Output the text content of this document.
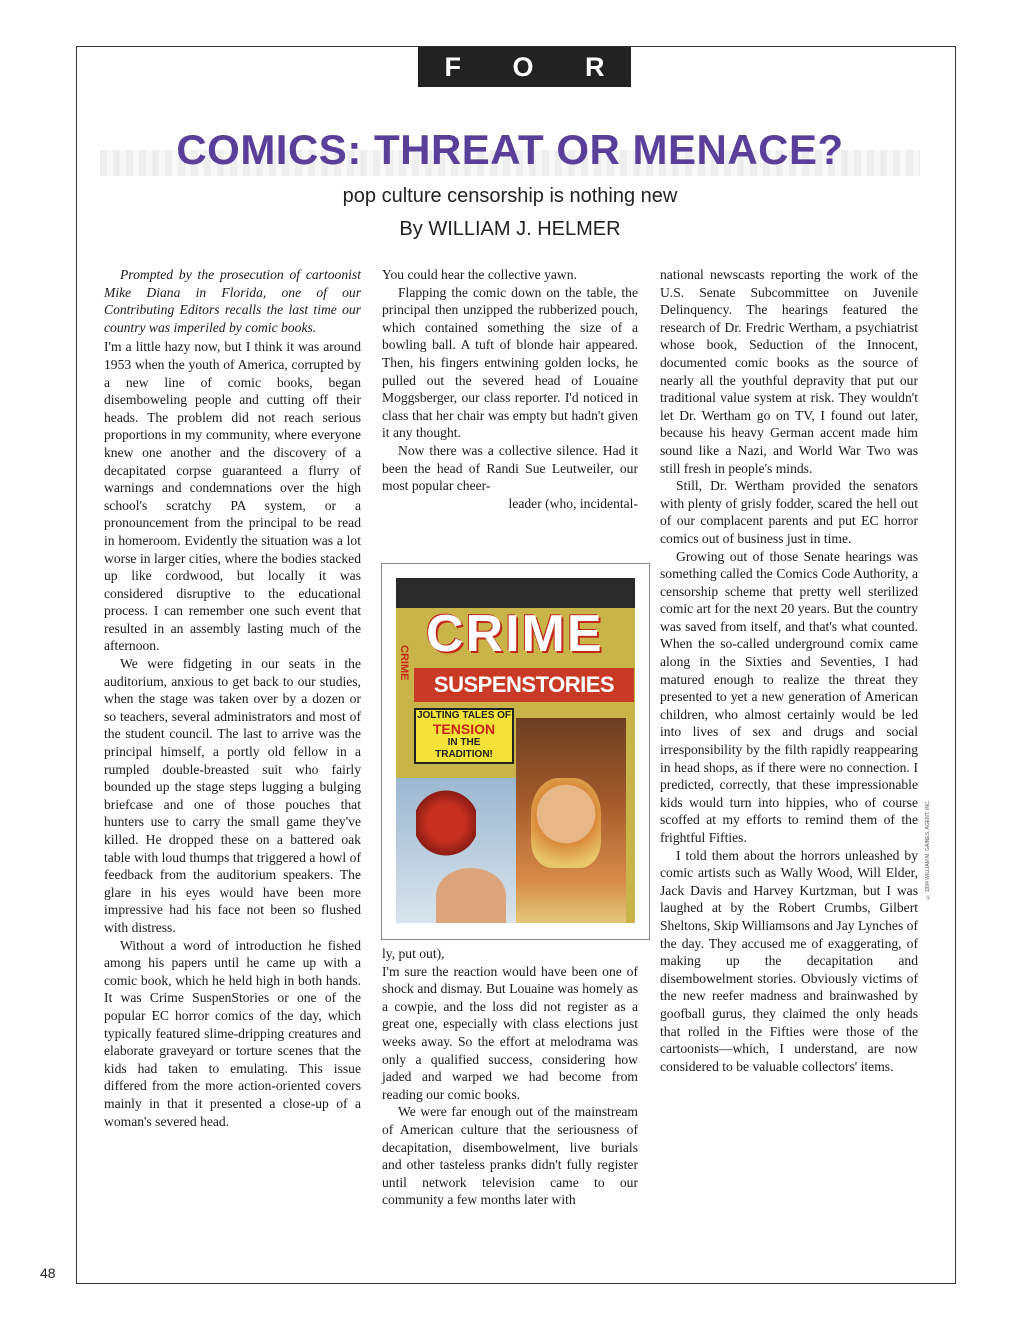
F O R U M
COMICS: THREAT OR MENACE?
pop culture censorship is nothing new
By WILLIAM J. HELMER

Prompted by the prosecution of cartoonist Mike Diana in Florida, one of our Contributing Editors recalls the last time our country was imperiled by comic books.

I'm a little hazy now, but I think it was around 1953 when the youth of America, corrupted by a new line of comic books, began disemboweling people and cutting off their heads. The problem did not reach serious proportions in my community, where everyone knew one another and the discovery of a decapitated corpse guaranteed a flurry of warnings and condemnations over the high school's scratchy PA system, or a pronouncement from the principal to be read in homeroom. Evidently the situation was a lot worse in larger cities, where the bodies stacked up like cordwood, but locally it was considered disruptive to the educational process. I can remember one such event that resulted in an assembly lasting much of the afternoon.

We were fidgeting in our seats in the auditorium, anxious to get back to our studies, when the stage was taken over by a dozen or so teachers, several administrators and most of the student council. The last to arrive was the principal himself, a portly old fellow in a rumpled double-breasted suit who fairly bounded up the stage steps lugging a bulging briefcase and one of those pouches that hunters use to carry the small game they've killed. He dropped these on a battered oak table with loud thumps that triggered a howl of feedback from the auditorium speakers. The glare in his eyes would have been more impressive had his face not been so flushed with distress.

Without a word of introduction he fished among his papers until he came up with a comic book, which he held high in both hands. It was Crime SuspenStories or one of the popular EC horror comics of the day, which typically featured slime-dripping creatures and elaborate graveyard or torture scenes that the kids had taken to emulating. This issue differed from the more action-oriented covers mainly in that it presented a close-up of a woman's severed head.

You could hear the collective yawn.

Flapping the comic down on the table, the principal then unzipped the rubberized pouch, which contained something the size of a bowling ball. A tuft of blonde hair appeared. Then, his fingers entwining golden locks, he pulled out the severed head of Louaine Moggsberger, our class reporter. I'd noticed in class that her chair was empty but hadn't given it any thought.

Now there was a collective silence. Had it been the head of Randi Sue Leutweiler, our most popular cheer-

leader (who, incidental-

CRIME CRIME
SUSPENSTORIES
JOLTING TALES OF
TENSION
IN THE
TRADITION!

ly, put out),

I'm sure the reaction would have been one of shock and dismay. But Louaine was homely as a cowpie, and the loss did not register as a great one, especially with class elections just weeks away. So the effort at melodrama was only a qualified success, considering how jaded and warped we had become from reading our comic books.

We were far enough out of the mainstream of American culture that the seriousness of decapitation, disembowelment, live burials and other tasteless pranks didn't fully register until network television came to our community a few months later with

national newscasts reporting the work of the U.S. Senate Subcommittee on Juvenile Delinquency. The hearings featured the research of Dr. Fredric Wertham, a psychiatrist whose book, Seduction of the Innocent, documented comic books as the source of nearly all the youthful depravity that put our traditional value system at risk. They wouldn't let Dr. Wertham go on TV, I found out later, because his heavy German accent made him sound like a Nazi, and World War Two was still fresh in people's minds.

Still, Dr. Wertham provided the senators with plenty of grisly fodder, scared the hell out of our complacent parents and put EC horror comics out of business just in time.

Growing out of those Senate hearings was something called the Comics Code Authority, a censorship scheme that pretty well sterilized comic art for the next 20 years. But the country was saved from itself, and that's what counted. When the so-called underground comix came along in the Sixties and Seventies, I had matured enough to realize the threat they presented to yet a new generation of American children, who almost certainly would be led into lives of sex and drugs and social irresponsibility by the filth rapidly reappearing in head shops, as if there were no connection. I predicted, correctly, that these impressionable kids would turn into hippies, who of course scoffed at my efforts to remind them of the frightful Fifties.

I told them about the horrors unleashed by comic artists such as Wally Wood, Will Elder, Jack Davis and Harvey Kurtzman, but I was laughed at by the Robert Crumbs, Gilbert Sheltons, Skip Williamsons and Jay Lynches of the day. They accused me of exaggerating, of making up the decapitation and disembowelment stories. Obviously victims of the new reefer madness and brainwashed by goofball gurus, they claimed the only heads that rolled in the Fifties were those of the cartoonists—which, I understand, are now considered to be valuable collectors' items.

© 1994 WILLIAM M. GAINES, AGENT, INC.
48
